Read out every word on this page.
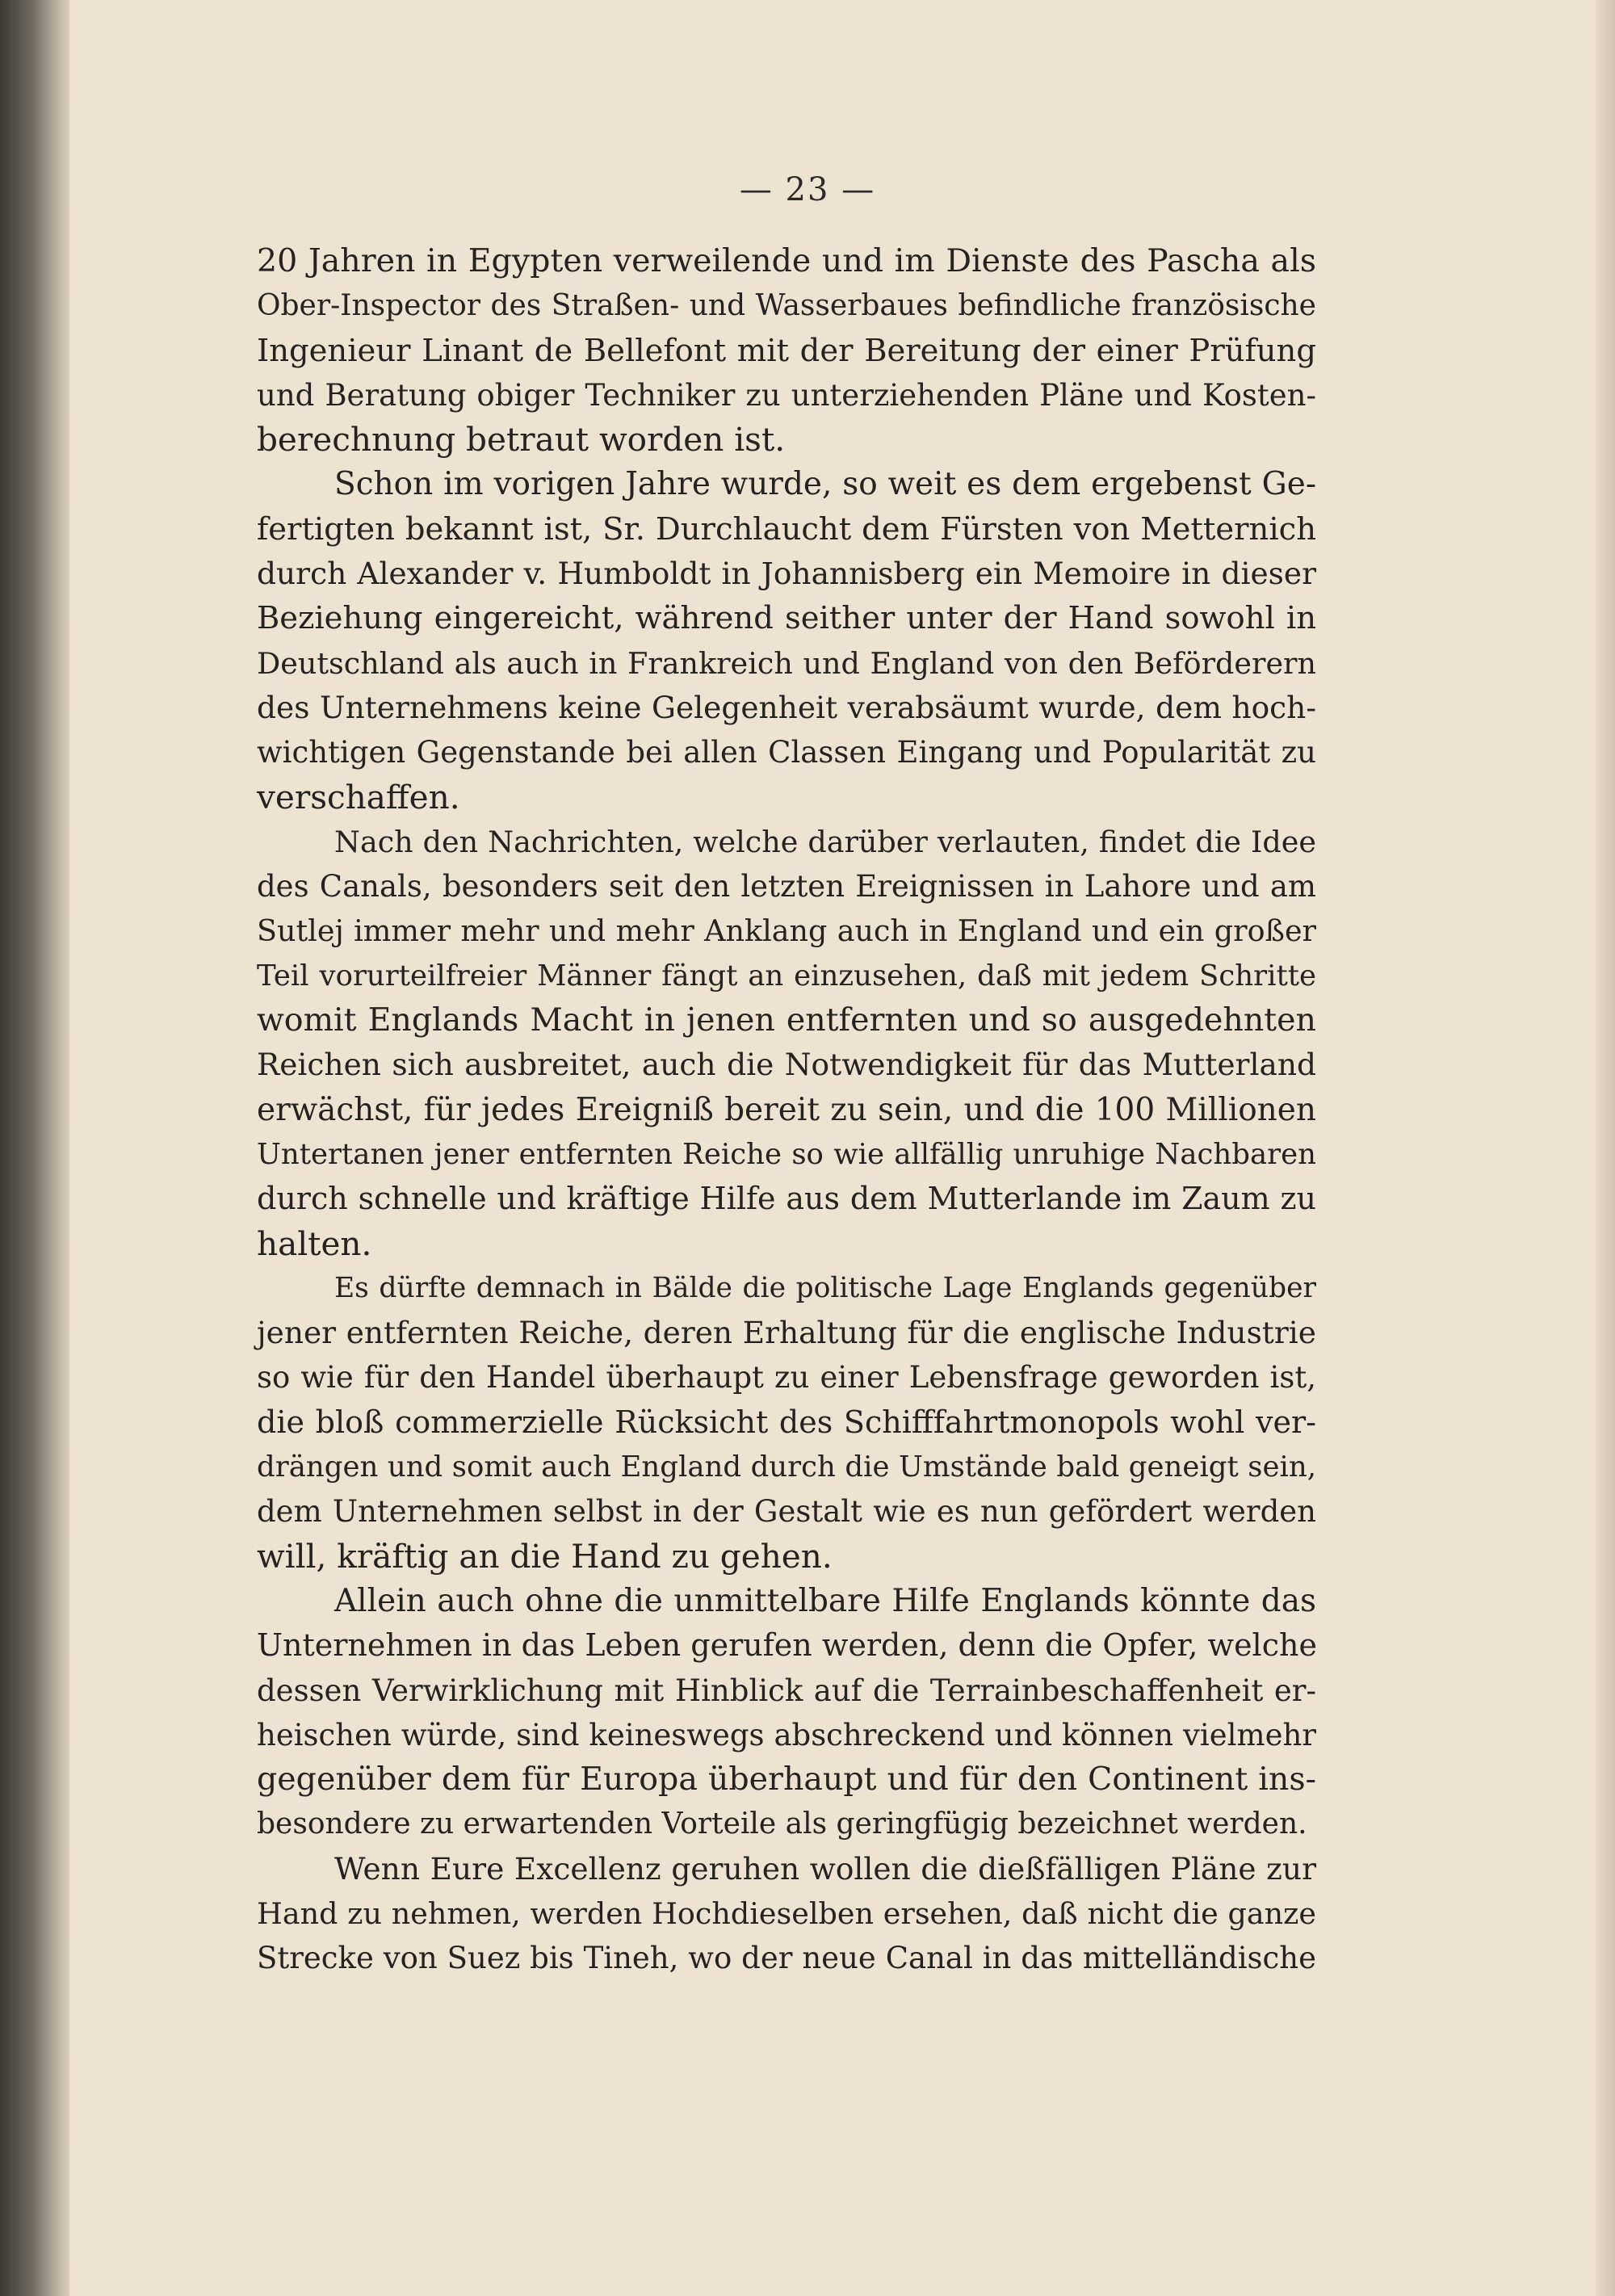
— 23 —
20 Jahren in Egypten verweilende und im Dienste des Pascha als
Ober-Inspector des Straßen- und Wasserbaues befindliche französische
Ingenieur Linant de Bellefont mit der Bereitung der einer Prüfung
und Beratung obiger Techniker zu unterziehenden Pläne und Kosten-
berechnung betraut worden ist.
Schon im vorigen Jahre wurde, so weit es dem ergebenst Ge-
fertigten bekannt ist, Sr. Durchlaucht dem Fürsten von Metternich
durch Alexander v. Humboldt in Johannisberg ein Memoire in dieser
Beziehung eingereicht, während seither unter der Hand sowohl in
Deutschland als auch in Frankreich und England von den Beförderern
des Unternehmens keine Gelegenheit verabsäumt wurde, dem hoch-
wichtigen Gegenstande bei allen Classen Eingang und Popularität zu
verschaffen.
Nach den Nachrichten, welche darüber verlauten, findet die Idee
des Canals, besonders seit den letzten Ereignissen in Lahore und am
Sutlej immer mehr und mehr Anklang auch in England und ein großer
Teil vorurteilfreier Männer fängt an einzusehen, daß mit jedem Schritte
womit Englands Macht in jenen entfernten und so ausgedehnten
Reichen sich ausbreitet, auch die Notwendigkeit für das Mutterland
erwächst, für jedes Ereigniß bereit zu sein, und die 100 Millionen
Untertanen jener entfernten Reiche so wie allfällig unruhige Nachbaren
durch schnelle und kräftige Hilfe aus dem Mutterlande im Zaum zu
halten.
Es dürfte demnach in Bälde die politische Lage Englands gegenüber
jener entfernten Reiche, deren Erhaltung für die englische Industrie
so wie für den Handel überhaupt zu einer Lebensfrage geworden ist,
die bloß commerzielle Rücksicht des Schifffahrtmonopols wohl ver-
drängen und somit auch England durch die Umstände bald geneigt sein,
dem Unternehmen selbst in der Gestalt wie es nun gefördert werden
will, kräftig an die Hand zu gehen.
Allein auch ohne die unmittelbare Hilfe Englands könnte das
Unternehmen in das Leben gerufen werden, denn die Opfer, welche
dessen Verwirklichung mit Hinblick auf die Terrainbeschaffenheit er-
heischen würde, sind keineswegs abschreckend und können vielmehr
gegenüber dem für Europa überhaupt und für den Continent ins-
besondere zu erwartenden Vorteile als geringfügig bezeichnet werden.
Wenn Eure Excellenz geruhen wollen die dießfälligen Pläne zur
Hand zu nehmen, werden Hochdieselben ersehen, daß nicht die ganze
Strecke von Suez bis Tineh, wo der neue Canal in das mittelländische
